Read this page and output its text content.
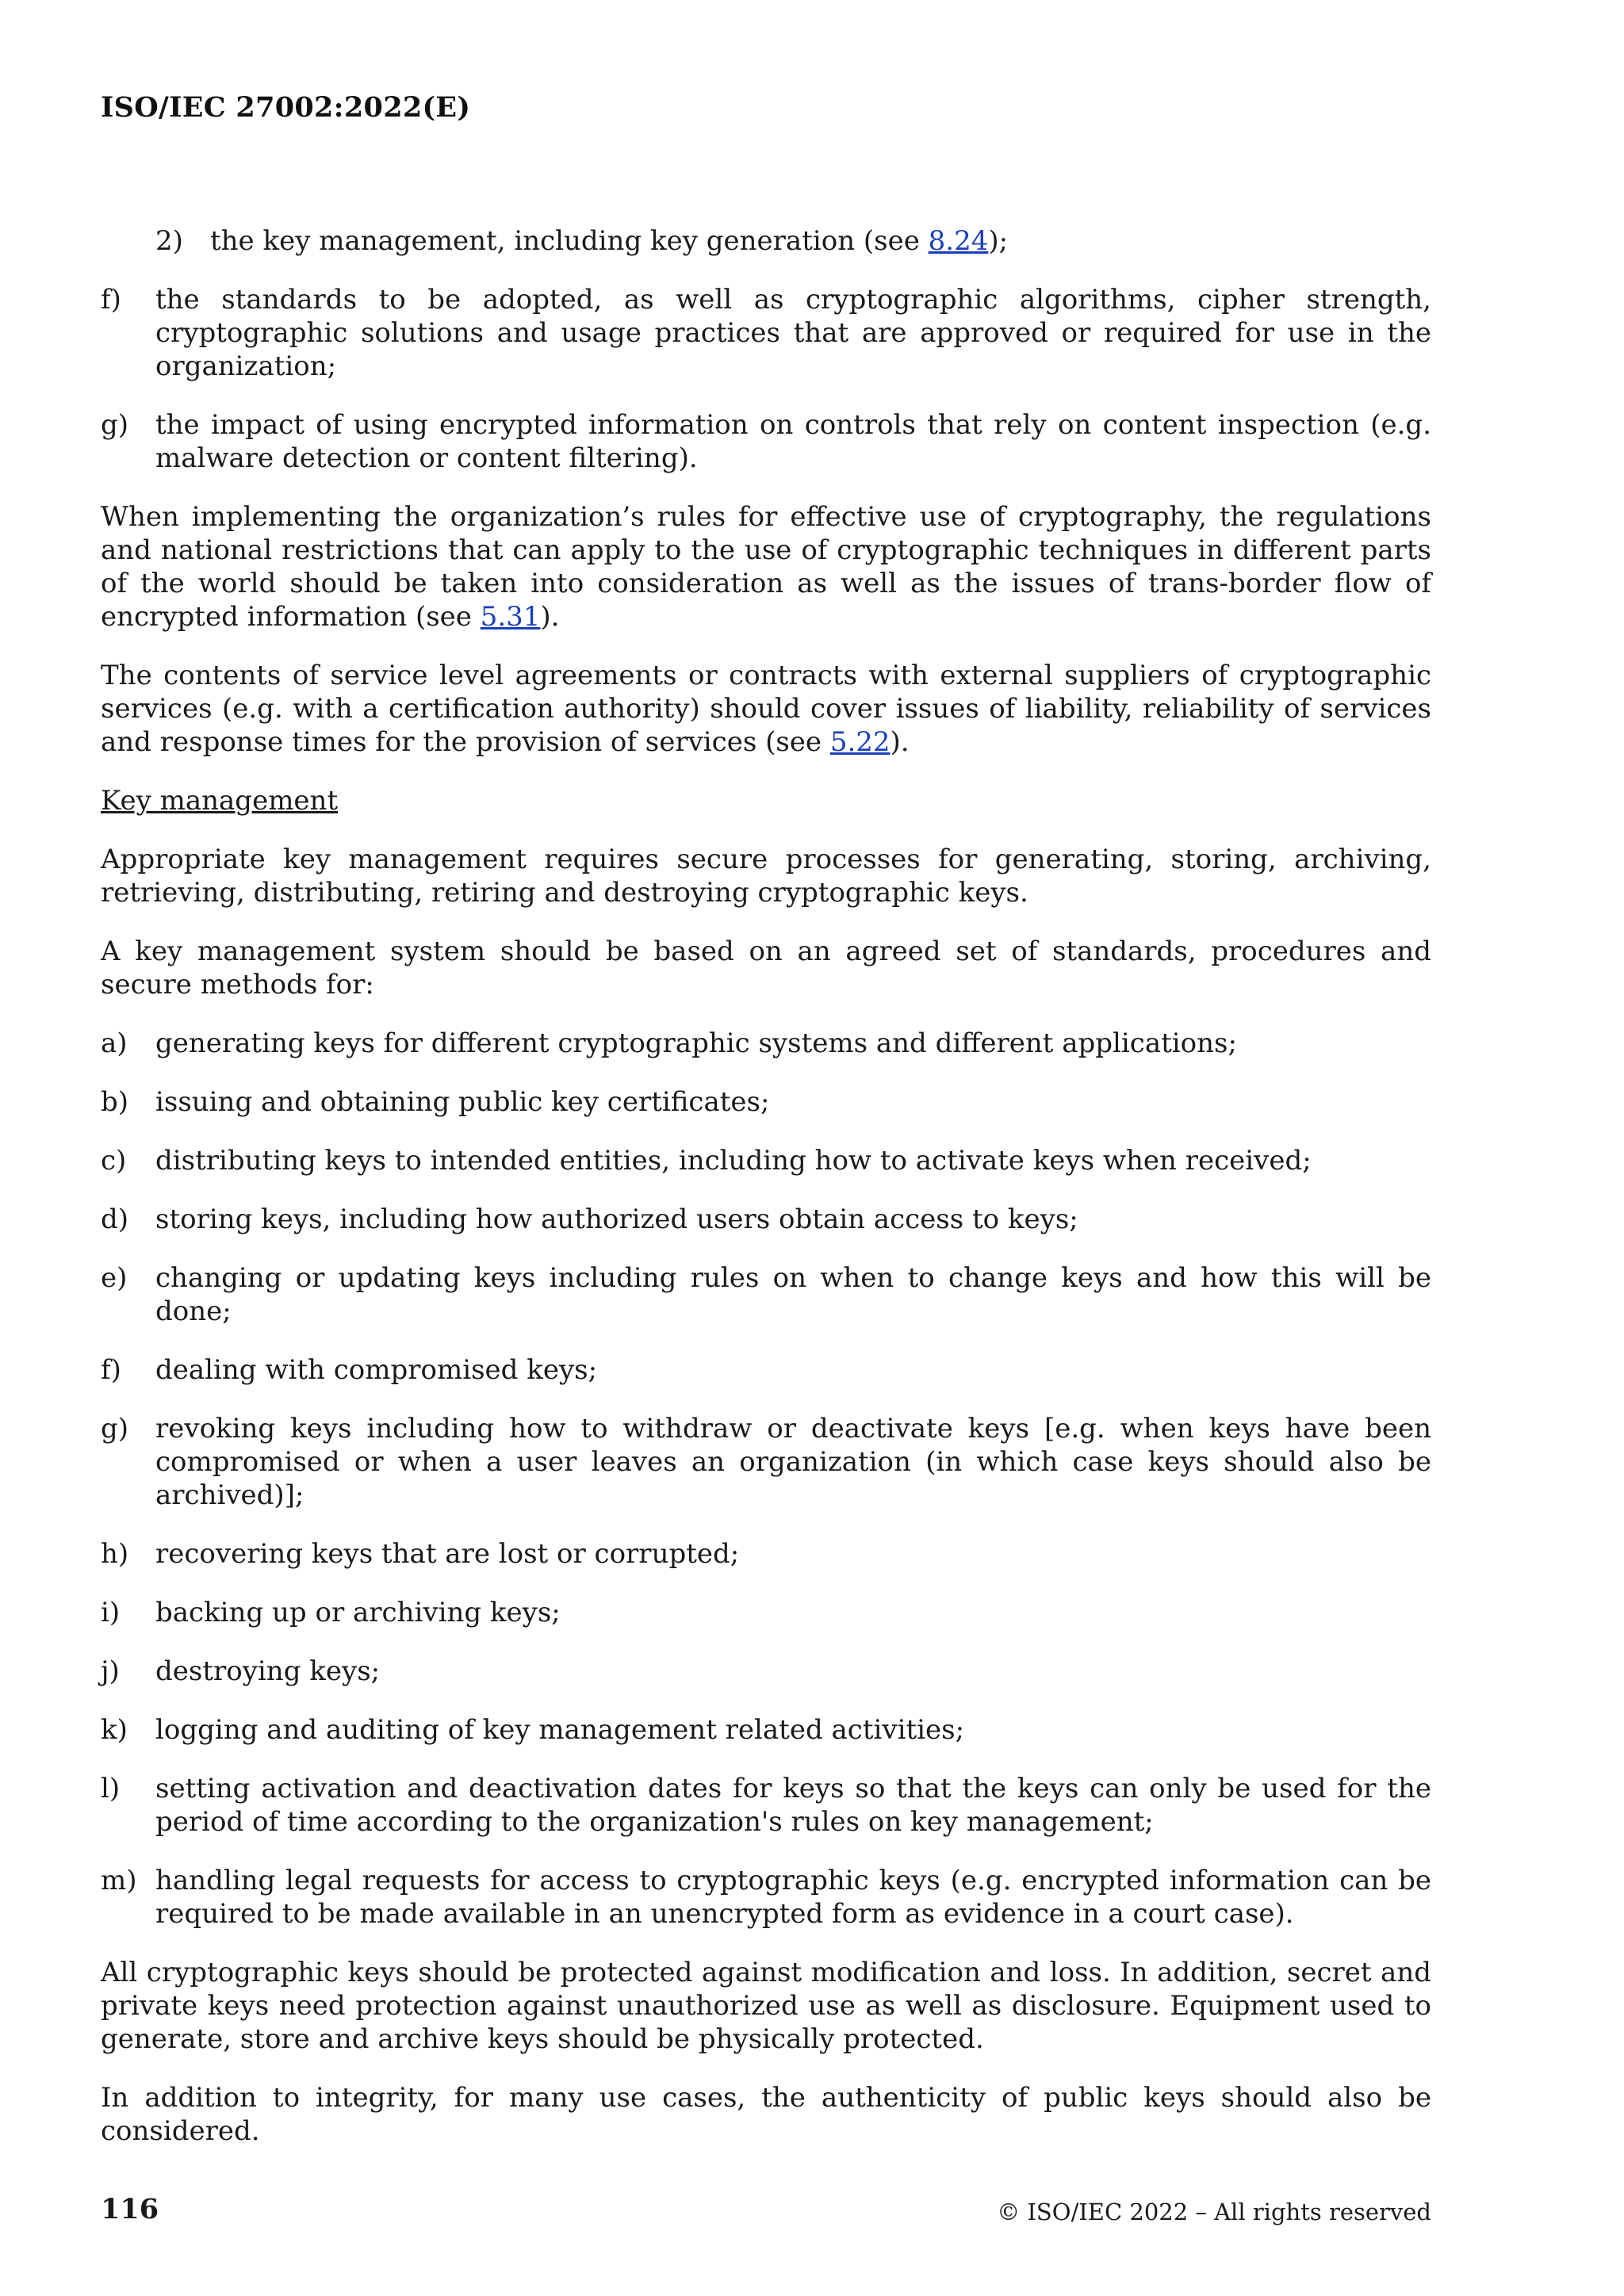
ISO/IEC 27002:2022(E)
2)	the key management, including key generation (see 8.24);
f)	the standards to be adopted, as well as cryptographic algorithms, cipher strength, cryptographic solutions and usage practices that are approved or required for use in the organization;
g) the impact of using encrypted information on controls that rely on content inspection (e.g. malware detection or content filtering).

When implementing the organization’s rules for effective use of cryptography, the regulations and national restrictions that can apply to the use of cryptographic techniques in different parts of the world should be taken into consideration as well as the issues of trans-border flow of encrypted information (see 5.31).

The contents of service level agreements or contracts with external suppliers of cryptographic services (e.g. with a certification authority) should cover issues of liability, reliability of services and response times for the provision of services (see 5.22).

Key management

Appropriate key management requires secure processes for generating, storing, archiving, retrieving, distributing, retiring and destroying cryptographic keys.

A key management system should be based on an agreed set of standards, procedures and secure methods for:

a)	generating keys for different cryptographic systems and different applications;
b) issuing and obtaining public key certificates;
c)	distributing keys to intended entities, including how to activate keys when received;
d) storing keys, including how authorized users obtain access to keys;
e)	changing or updating keys including rules on when to change keys and how this will be done;
f)	dealing with compromised keys;
g) revoking keys including how to withdraw or deactivate keys [e.g. when keys have been compromised or when a user leaves an organization (in which case keys should also be archived)];
h) recovering keys that are lost or corrupted;
i)	backing up or archiving keys;
j)	destroying keys;
k)	logging and auditing of key management related activities;
l)	setting activation and deactivation dates for keys so that the keys can only be used for the period of time according to the organization's rules on key management;
m) handling legal requests for access to cryptographic keys (e.g. encrypted information can be required to be made available in an unencrypted form as evidence in a court case).

All cryptographic keys should be protected against modification and loss. In addition, secret and private keys need protection against unauthorized use as well as disclosure. Equipment used to generate, store and archive keys should be physically protected.

In addition to integrity, for many use cases, the authenticity of public keys should also be considered.

116	© ISO/IEC 2022 – All rights reserved
